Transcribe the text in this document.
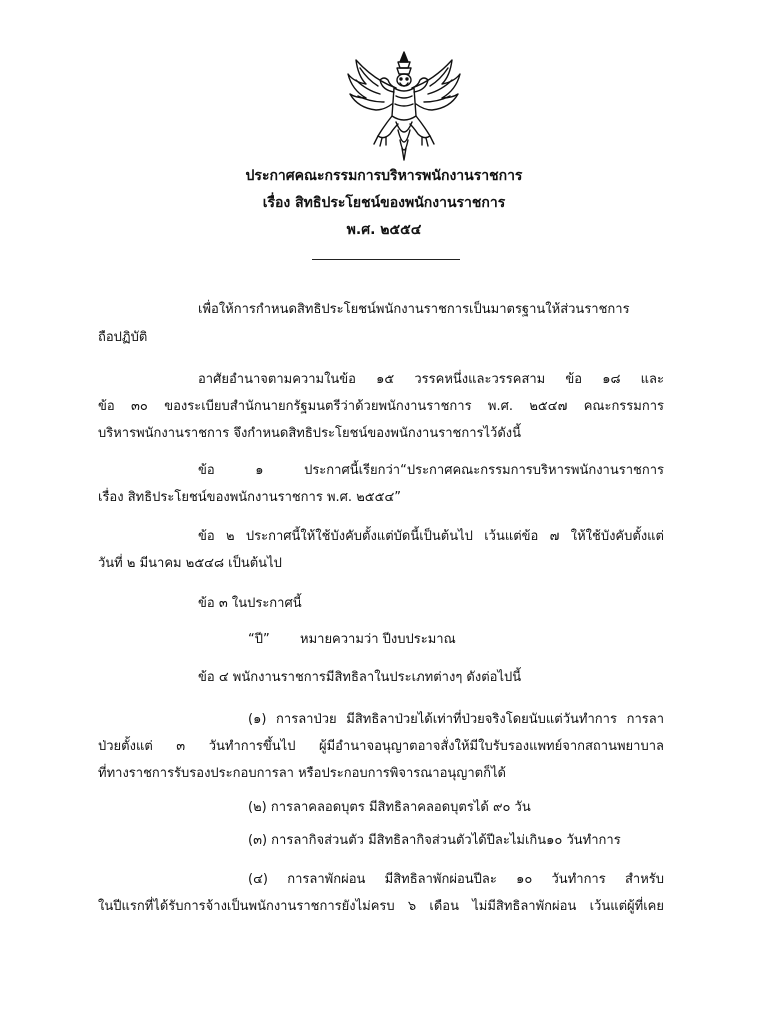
ประกาศคณะกรรมการบริหารพนักงานราชการ
เรื่อง สิทธิประโยชน์ของพนักงานราชการ
พ.ศ. ๒๕๕๔
เพื่อให้การกำหนดสิทธิประโยชน์พนักงานราชการเป็นมาตรฐานให้ส่วนราชการ
ถือปฏิบัติ
อาศัยอำนาจตามความในข้อ ๑๕ วรรคหนึ่งและวรรคสาม ข้อ ๑๘ และ
ข้อ ๓๐ ของระเบียบสำนักนายกรัฐมนตรีว่าด้วยพนักงานราชการ พ.ศ. ๒๕๔๗ คณะกรรมการ
บริหารพนักงานราชการ จึงกำหนดสิทธิประโยชน์ของพนักงานราชการไว้ดังนี้
ข้อ ๑ ประกาศนี้เรียกว่า“ประกาศคณะกรรมการบริหารพนักงานราชการ
เรื่อง สิทธิประโยชน์ของพนักงานราชการ พ.ศ. ๒๕๕๔”
ข้อ ๒ ประกาศนี้ให้ใช้บังคับตั้งแต่บัดนี้เป็นต้นไป เว้นแต่ข้อ ๗ ให้ใช้บังคับตั้งแต่
วันที่ ๒ มีนาคม ๒๕๔๘ เป็นต้นไป
ข้อ ๓ ในประกาศนี้
“ปี” หมายความว่า ปีงบประมาณ
ข้อ ๔ พนักงานราชการมีสิทธิลาในประเภทต่างๆ ดังต่อไปนี้
(๑) การลาป่วย มีสิทธิลาป่วยได้เท่าที่ป่วยจริงโดยนับแต่วันทำการ การลา
ป่วยตั้งแต่ ๓ วันทำการขึ้นไป ผู้มีอำนาจอนุญาตอาจสั่งให้มีใบรับรองแพทย์จากสถานพยาบาล
ที่ทางราชการรับรองประกอบการลา หรือประกอบการพิจารณาอนุญาตก็ได้
(๒) การลาคลอดบุตร มีสิทธิลาคลอดบุตรได้ ๙๐ วัน
(๓) การลากิจส่วนตัว มีสิทธิลากิจส่วนตัวได้ปีละไม่เกิน๑๐ วันทำการ
(๔) การลาพักผ่อน มีสิทธิลาพักผ่อนปีละ ๑๐ วันทำการ สำหรับ
ในปีแรกที่ได้รับการจ้างเป็นพนักงานราชการยังไม่ครบ ๖ เดือน ไม่มีสิทธิลาพักผ่อน เว้นแต่ผู้ที่เคย
